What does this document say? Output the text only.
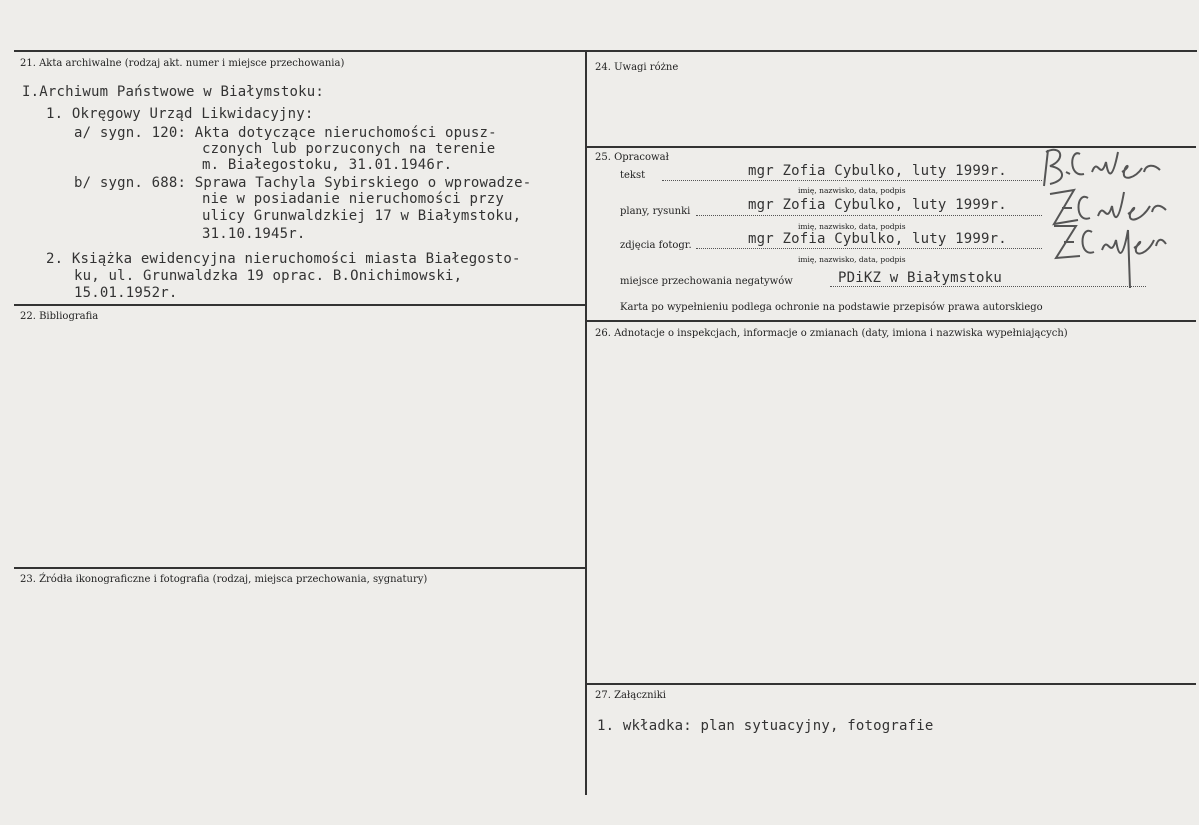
21. Akta archiwalne (rodzaj akt. numer i miejsce przechowania)
I.Archiwum Państwowe w Białymstoku:
1. Okręgowy Urząd Likwidacyjny:
a/ sygn. 120: Akta dotyczące nieruchomości opusz-
czonych lub porzuconych na terenie
m. Białegostoku, 31.01.1946r.
b/ sygn. 688: Sprawa Tachyla Sybirskiego o wprowadze-
nie w posiadanie nieruchomości przy
ulicy Grunwaldzkiej 17 w Białymstoku,
31.10.1945r.
2. Książka ewidencyjna nieruchomości miasta Białegosto-
ku, ul. Grunwaldzka 19 oprac. B.Onichimowski,
15.01.1952r.
22. Bibliografia
23. Źródła ikonograficzne i fotografia (rodzaj, miejsca przechowania, sygnatury)
24. Uwagi różne
25. Opracował
tekst	mgr Zofia Cybulko, luty 1999r.
imię, nazwisko, data, podpis
plany, rysunki	mgr Zofia Cybulko, luty 1999r.
imię, nazwisko, data, podpis
zdjęcia fotogr.	mgr Zofia Cybulko, luty 1999r.
imię, nazwisko, data, podpis
miejsce przechowania negatywów	PDiKZ w Białymstoku
Karta po wypełnieniu podlega ochronie na podstawie przepisów prawa autorskiego
26. Adnotacje o inspekcjach, informacje o zmianach (daty, imiona i nazwiska wypełniających)
27. Załączniki
1. wkładka: plan sytuacyjny, fotografie
